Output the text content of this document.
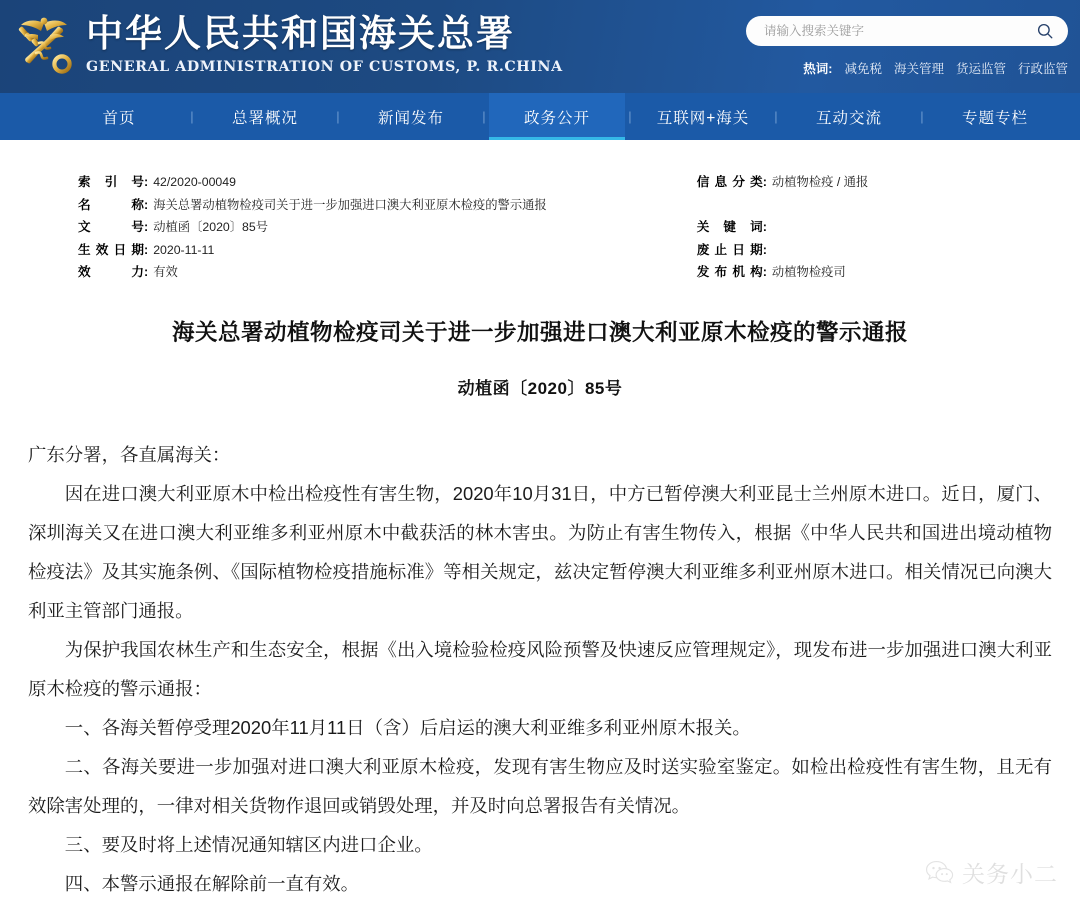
中华人民共和国海关总署
GENERAL ADMINISTRATION OF CUSTOMS, P. R.CHINA
请输入搜索关键字	热词: 减免税 海关管理 货运监管 行政监管
首页	|	总署概况	|	新闻发布	|	政务公开	|	互联网+海关	|	互动交流	|	专题专栏
索引号 : 42/2020-00049
名称 : 海关总署动植物检疫司关于进一步加强进口澳大利亚原木检疫的警示通报
文号 : 动植函〔2020〕85号
生效日期 : 2020-11-11
效力 : 有效
信息分类 : 动植物检疫 / 通报
关键词 :
废止日期 :
发布机构 : 动植物检疫司
海关总署动植物检疫司关于进一步加强进口澳大利亚原木检疫的警示通报
动植函〔2020〕85号

广东分署，各直属海关：

因在进口澳大利亚原木中检出检疫性有害生物，2020年10月31日，中方已暂停澳大利亚昆士兰州原木进口。近日，厦门、深圳海关又在进口澳大利亚维多利亚州原木中截获活的林木害虫。为防止有害生物传入，根据《中华人民共和国进出境动植物检疫法》及其实施条例、《国际植物检疫措施标准》等相关规定，兹决定暂停澳大利亚维多利亚州原木进口。相关情况已向澳大利亚主管部门通报。

为保护我国农林生产和生态安全，根据《出入境检验检疫风险预警及快速反应管理规定》，现发布进一步加强进口澳大利亚原木检疫的警示通报：

一、各海关暂停受理2020年11月11日（含）后启运的澳大利亚维多利亚州原木报关。

二、各海关要进一步加强对进口澳大利亚原木检疫，发现有害生物应及时送实验室鉴定。如检出检疫性有害生物，且无有效除害处理的，一律对相关货物作退回或销毁处理，并及时向总署报告有关情况。

三、要及时将上述情况通知辖区内进口企业。

四、本警示通报在解除前一直有效。	关务小二
